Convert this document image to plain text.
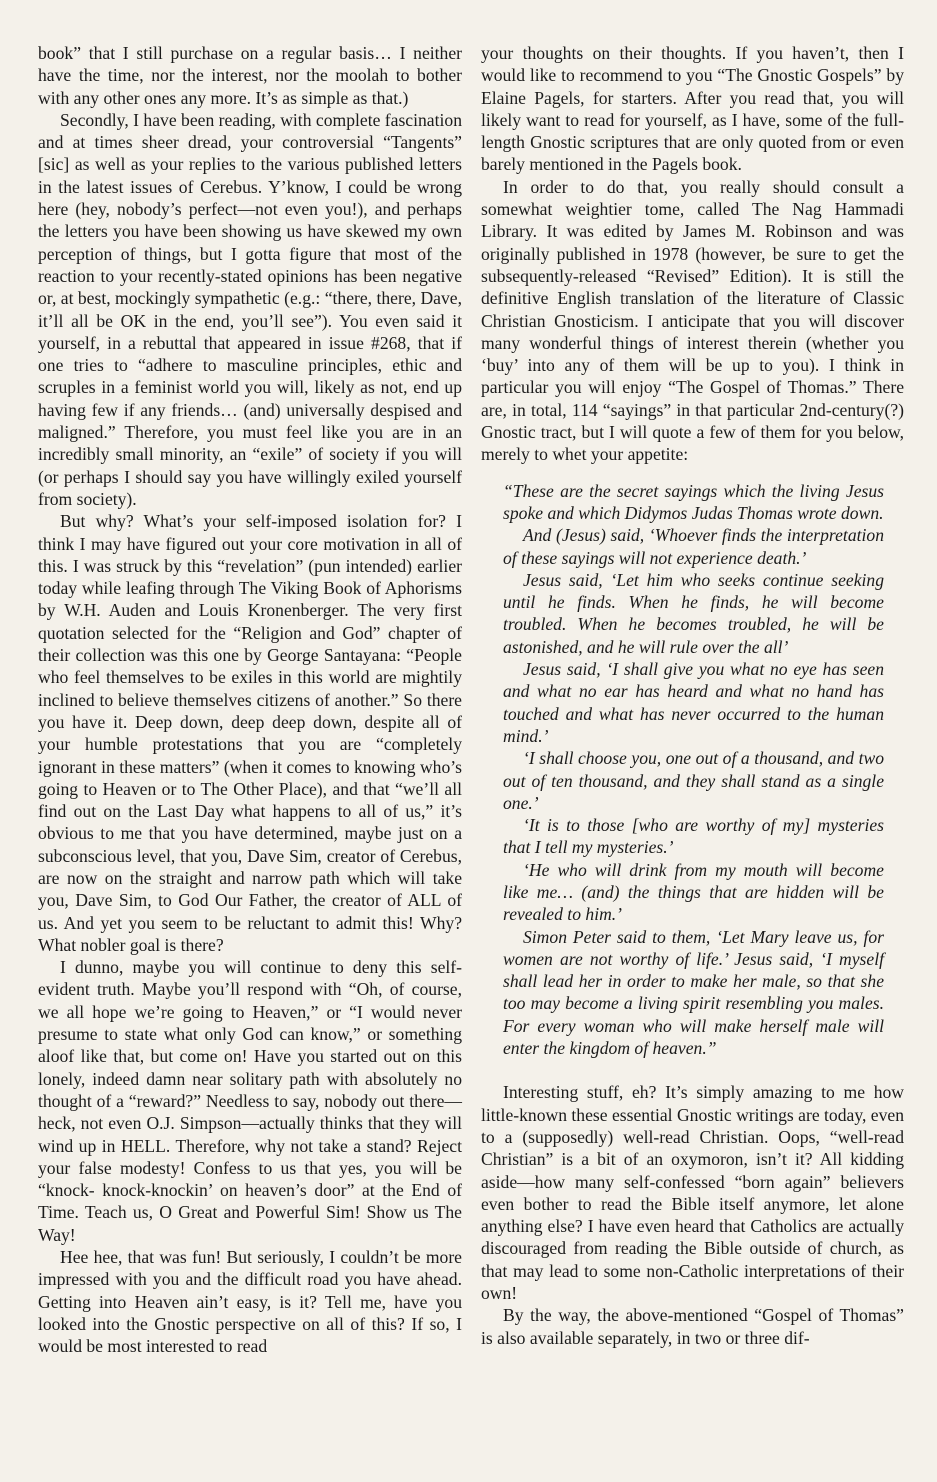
book” that I still purchase on a regular basis… I neither have the time, nor the interest, nor the moolah to bother with any other ones any more. It’s as simple as that.)

Secondly, I have been reading, with complete fascination and at times sheer dread, your controversial “Tangents” [sic] as well as your replies to the various published letters in the latest issues of Cerebus. Y’know, I could be wrong here (hey, nobody’s perfect—not even you!), and perhaps the letters you have been showing us have skewed my own perception of things, but I gotta figure that most of the reaction to your recently-stated opinions has been negative or, at best, mockingly sympathetic (e.g.: “there, there, Dave, it’ll all be OK in the end, you’ll see”). You even said it yourself, in a rebuttal that appeared in issue #268, that if one tries to “adhere to masculine principles, ethic and scruples in a feminist world you will, likely as not, end up having few if any friends… (and) universally despised and maligned.” Therefore, you must feel like you are in an incredibly small minority, an “exile” of society if you will (or perhaps I should say you have willingly exiled yourself from society).

But why? What’s your self-imposed isolation for? I think I may have figured out your core motivation in all of this. I was struck by this “revelation” (pun intended) earlier today while leafing through The Viking Book of Aphorisms by W.H. Auden and Louis Kronenberger. The very first quotation selected for the “Religion and God” chapter of their collection was this one by George Santayana: “People who feel themselves to be exiles in this world are mightily inclined to believe themselves citizens of another.” So there you have it. Deep down, deep deep down, despite all of your humble protestations that you are “completely ignorant in these matters” (when it comes to knowing who’s going to Heaven or to The Other Place), and that “we’ll all find out on the Last Day what happens to all of us,” it’s obvious to me that you have determined, maybe just on a subconscious level, that you, Dave Sim, creator of Cerebus, are now on the straight and narrow path which will take you, Dave Sim, to God Our Father, the creator of ALL of us. And yet you seem to be reluctant to admit this! Why? What nobler goal is there?

I dunno, maybe you will continue to deny this self-evident truth. Maybe you’ll respond with “Oh, of course, we all hope we’re going to Heaven,” or “I would never presume to state what only God can know,” or something aloof like that, but come on! Have you started out on this lonely, indeed damn near solitary path with absolutely no thought of a “reward?” Needless to say, nobody out there—heck, not even O.J. Simpson—actually thinks that they will wind up in HELL. Therefore, why not take a stand? Reject your false modesty! Confess to us that yes, you will be “knock- knock-knockin’ on heaven’s door” at the End of Time. Teach us, O Great and Powerful Sim! Show us The Way!

Hee hee, that was fun! But seriously, I couldn’t be more impressed with you and the difficult road you have ahead. Getting into Heaven ain’t easy, is it? Tell me, have you looked into the Gnostic perspective on all of this? If so, I would be most interested to read

your thoughts on their thoughts. If you haven’t, then I would like to recommend to you “The Gnostic Gospels” by Elaine Pagels, for starters. After you read that, you will likely want to read for yourself, as I have, some of the full-length Gnostic scriptures that are only quoted from or even barely mentioned in the Pagels book.

In order to do that, you really should consult a somewhat weightier tome, called The Nag Hammadi Library. It was edited by James M. Robinson and was originally published in 1978 (however, be sure to get the subsequently-released “Revised” Edition). It is still the definitive English translation of the literature of Classic Christian Gnosticism. I anticipate that you will discover many wonderful things of interest therein (whether you ‘buy’ into any of them will be up to you). I think in particular you will enjoy “The Gospel of Thomas.” There are, in total, 114 “sayings” in that particular 2nd-century(?) Gnostic tract, but I will quote a few of them for you below, merely to whet your appetite:

“These are the secret sayings which the living Jesus spoke and which Didymos Judas Thomas wrote down.

And (Jesus) said, ‘Whoever finds the interpretation of these sayings will not experience death.’

Jesus said, ‘Let him who seeks continue seeking until he finds. When he finds, he will become troubled. When he becomes troubled, he will be astonished, and he will rule over the all’

Jesus said, ‘I shall give you what no eye has seen and what no ear has heard and what no hand has touched and what has never occurred to the human mind.’

‘I shall choose you, one out of a thousand, and two out of ten thousand, and they shall stand as a single one.’

‘It is to those [who are worthy of my] mysteries that I tell my mysteries.’

‘He who will drink from my mouth will become like me… (and) the things that are hidden will be revealed to him.’

Simon Peter said to them, ‘Let Mary leave us, for women are not worthy of life.’ Jesus said, ‘I myself shall lead her in order to make her male, so that she too may become a living spirit resembling you males. For every woman who will make herself male will enter the kingdom of heaven.”

Interesting stuff, eh? It’s simply amazing to me how little-known these essential Gnostic writings are today, even to a (supposedly) well-read Christian. Oops, “well-read Christian” is a bit of an oxymoron, isn’t it? All kidding aside—how many self-confessed “born again” believers even bother to read the Bible itself anymore, let alone anything else? I have even heard that Catholics are actually discouraged from reading the Bible outside of church, as that may lead to some non-Catholic interpretations of their own!

By the way, the above-mentioned “Gospel of Thomas” is also available separately, in two or three dif-
